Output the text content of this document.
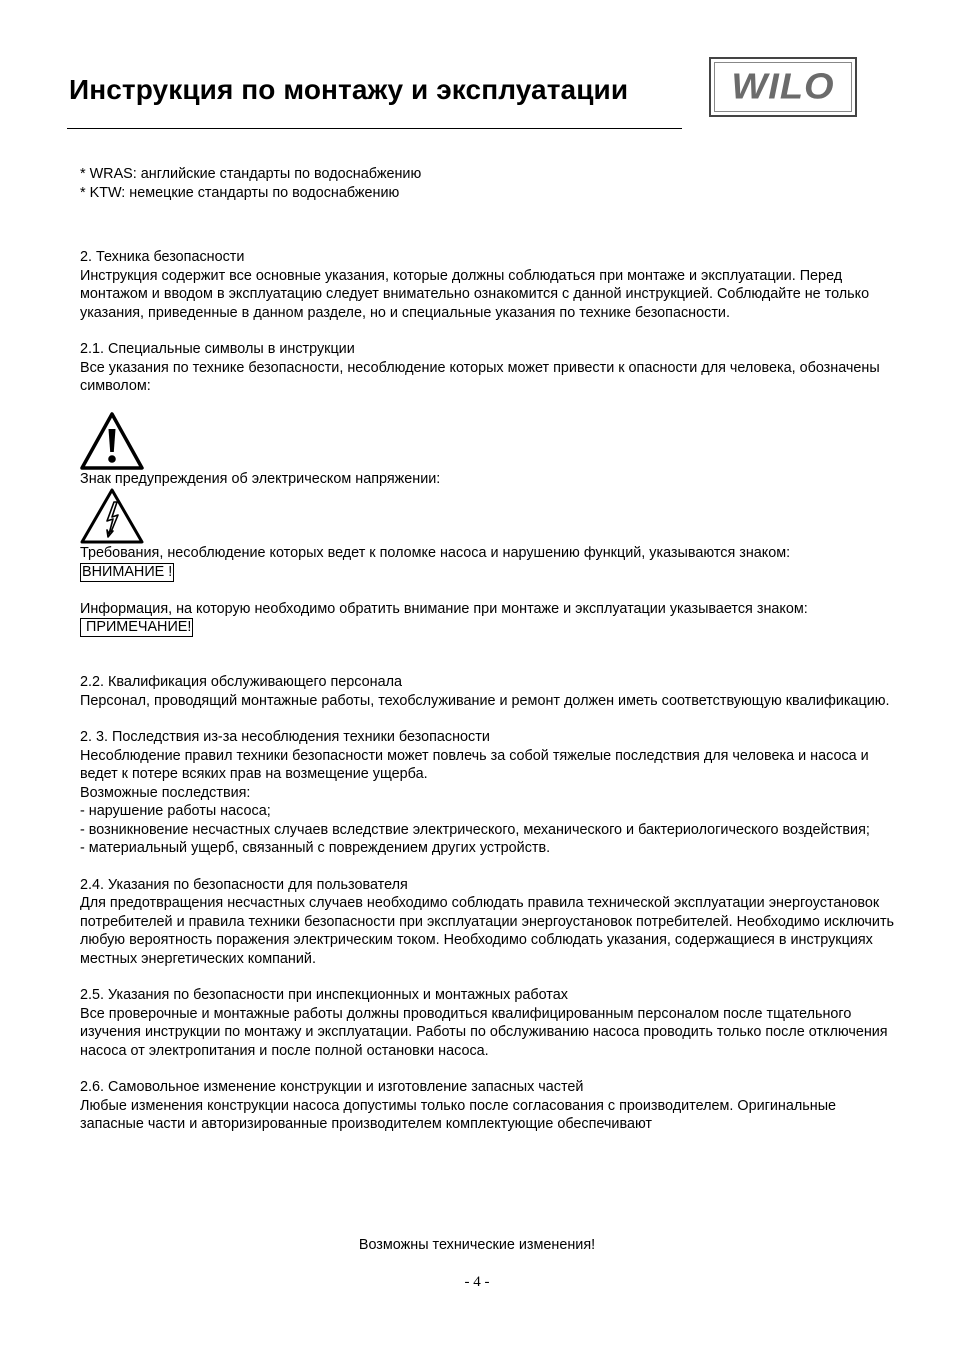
Инструкция по монтажу и эксплуатации	WILO

* WRAS: английские стандарты по водоснабжению

* KTW: немецкие стандарты по водоснабжению

2. Техника безопасности

Инструкция содержит все основные указания, которые должны соблюдаться при монтаже и эксплуатации. Перед монтажом и вводом в эксплуатацию следует внимательно ознакомится с данной инструкцией. Соблюдайте не только указания, приведенные в данном разделе, но и специальные указания по технике безопасности.

2.1. Специальные символы в инструкции

Все указания по технике безопасности, несоблюдение которых может привести к опасности для человека, обозначены символом:

Знак предупреждения об электрическом напряжении:

Требования, несоблюдение которых ведет к поломке насоса и нарушению функций, указываются знаком:

ВНИМАНИЕ !

Информация, на которую необходимо обратить внимание при монтаже и эксплуатации указывается знаком:

ПРИМЕЧАНИЕ!

2.2. Квалификация обслуживающего персонала

Персонал, проводящий монтажные работы, техобслуживание и ремонт должен иметь соответствующую квалификацию.

2. 3. Последствия из-за несоблюдения техники безопасности

Несоблюдение правил техники безопасности может повлечь за собой тяжелые последствия для человека и насоса и ведет к потере всяких прав на возмещение ущерба.

Возможные последствия:

- нарушение работы насоса;

- возникновение несчастных случаев вследствие электрического, механического и бактериологического воздействия;

- материальный ущерб, связанный с повреждением других устройств.

2.4. Указания по безопасности для пользователя

Для предотвращения несчастных случаев необходимо соблюдать правила технической эксплуатации энергоустановок потребителей и правила техники безопасности при эксплуатации энергоустановок потребителей. Необходимо исключить любую вероятность поражения электрическим током. Необходимо соблюдать указания, содержащиеся в инструкциях местных энергетических компаний.

2.5. Указания по безопасности при инспекционных и монтажных работах

Все проверочные и монтажные работы должны проводиться квалифицированным персоналом после тщательного изучения инструкции по монтажу и эксплуатации. Работы по обслуживанию насоса проводить только после отключения насоса от электропитания и после полной остановки насоса.

2.6. Самовольное изменение конструкции и изготовление запасных частей

Любые изменения конструкции насоса допустимы только после согласования с производителем. Оригинальные запасные части и авторизированные производителем комплектующие обеспечивают

Возможны технические изменения!
- 4 -
